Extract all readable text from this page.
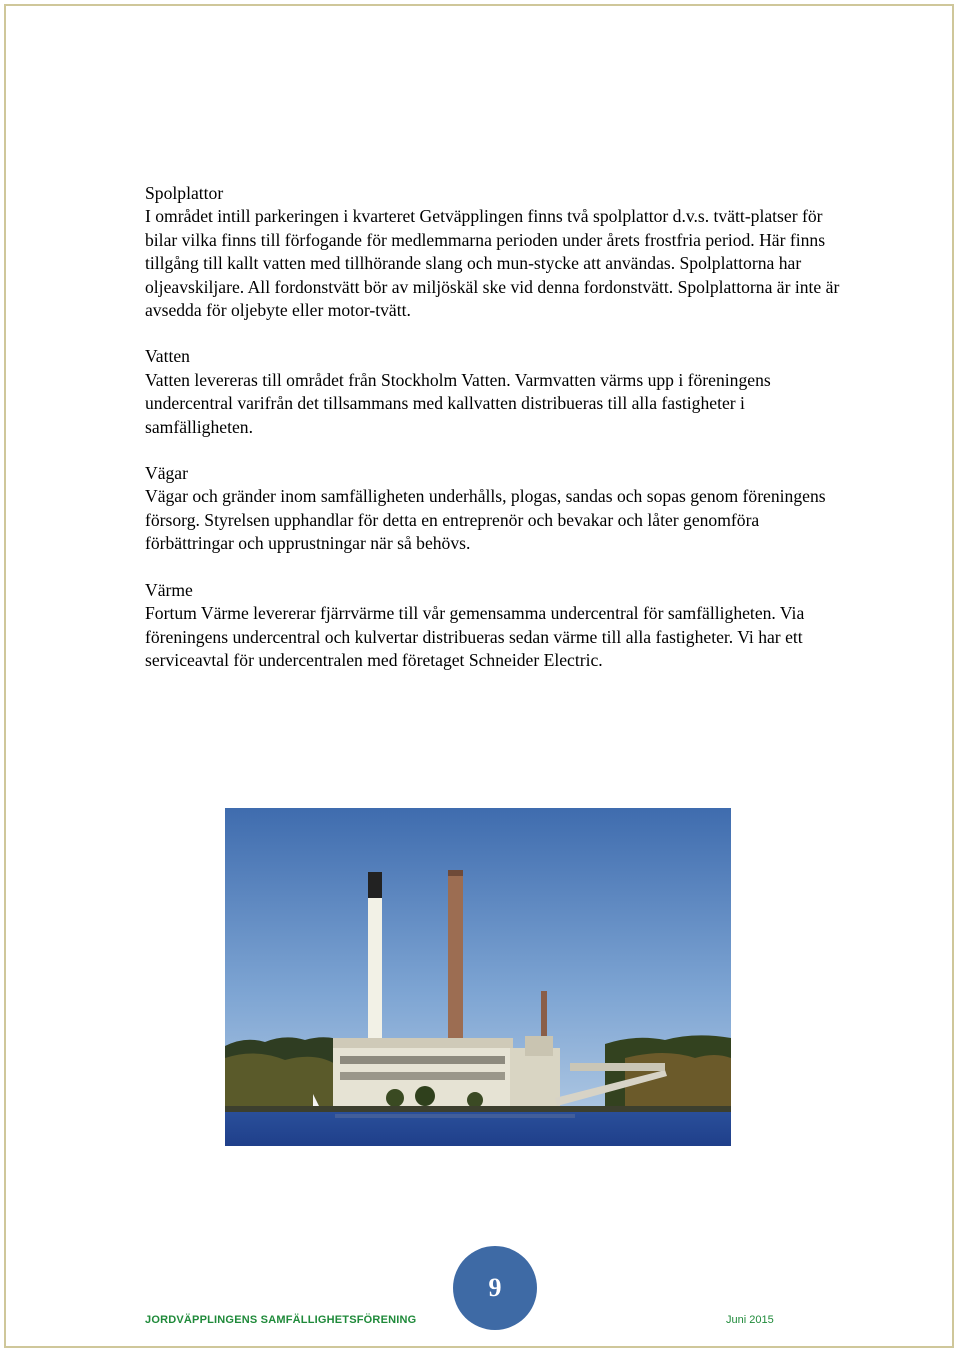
Spolplattor

I området intill parkeringen i kvarteret Getväpplingen finns två spolplattor d.v.s. tvätt-platser för bilar vilka finns till förfogande för medlemmarna perioden under årets frostfria period. Här finns tillgång till kallt vatten med tillhörande slang och mun-stycke att användas. Spolplattorna har oljeavskiljare. All fordonstvätt bör av miljöskäl ske vid denna fordonstvätt. Spolplattorna är inte är avsedda för oljebyte eller motor-tvätt.

Vatten

Vatten levereras till området från Stockholm Vatten. Varmvatten värms upp i föreningens undercentral varifrån det tillsammans med kallvatten distribueras till alla fastigheter i samfälligheten.

Vägar

Vägar och gränder inom samfälligheten underhålls, plogas, sandas och sopas genom föreningens försorg. Styrelsen upphandlar för detta en entreprenör och bevakar och låter genomföra förbättringar och upprustningar när så behövs.

Värme

Fortum Värme levererar fjärrvärme till vår gemensamma undercentral för samfälligheten. Via föreningens undercentral och kulvertar distribueras sedan värme till alla fastigheter. Vi har ett serviceavtal för undercentralen med företaget Schneider Electric.

9
JORDVÄPPLINGENS SAMFÄLLIGHETSFÖRENING	Juni 2015
